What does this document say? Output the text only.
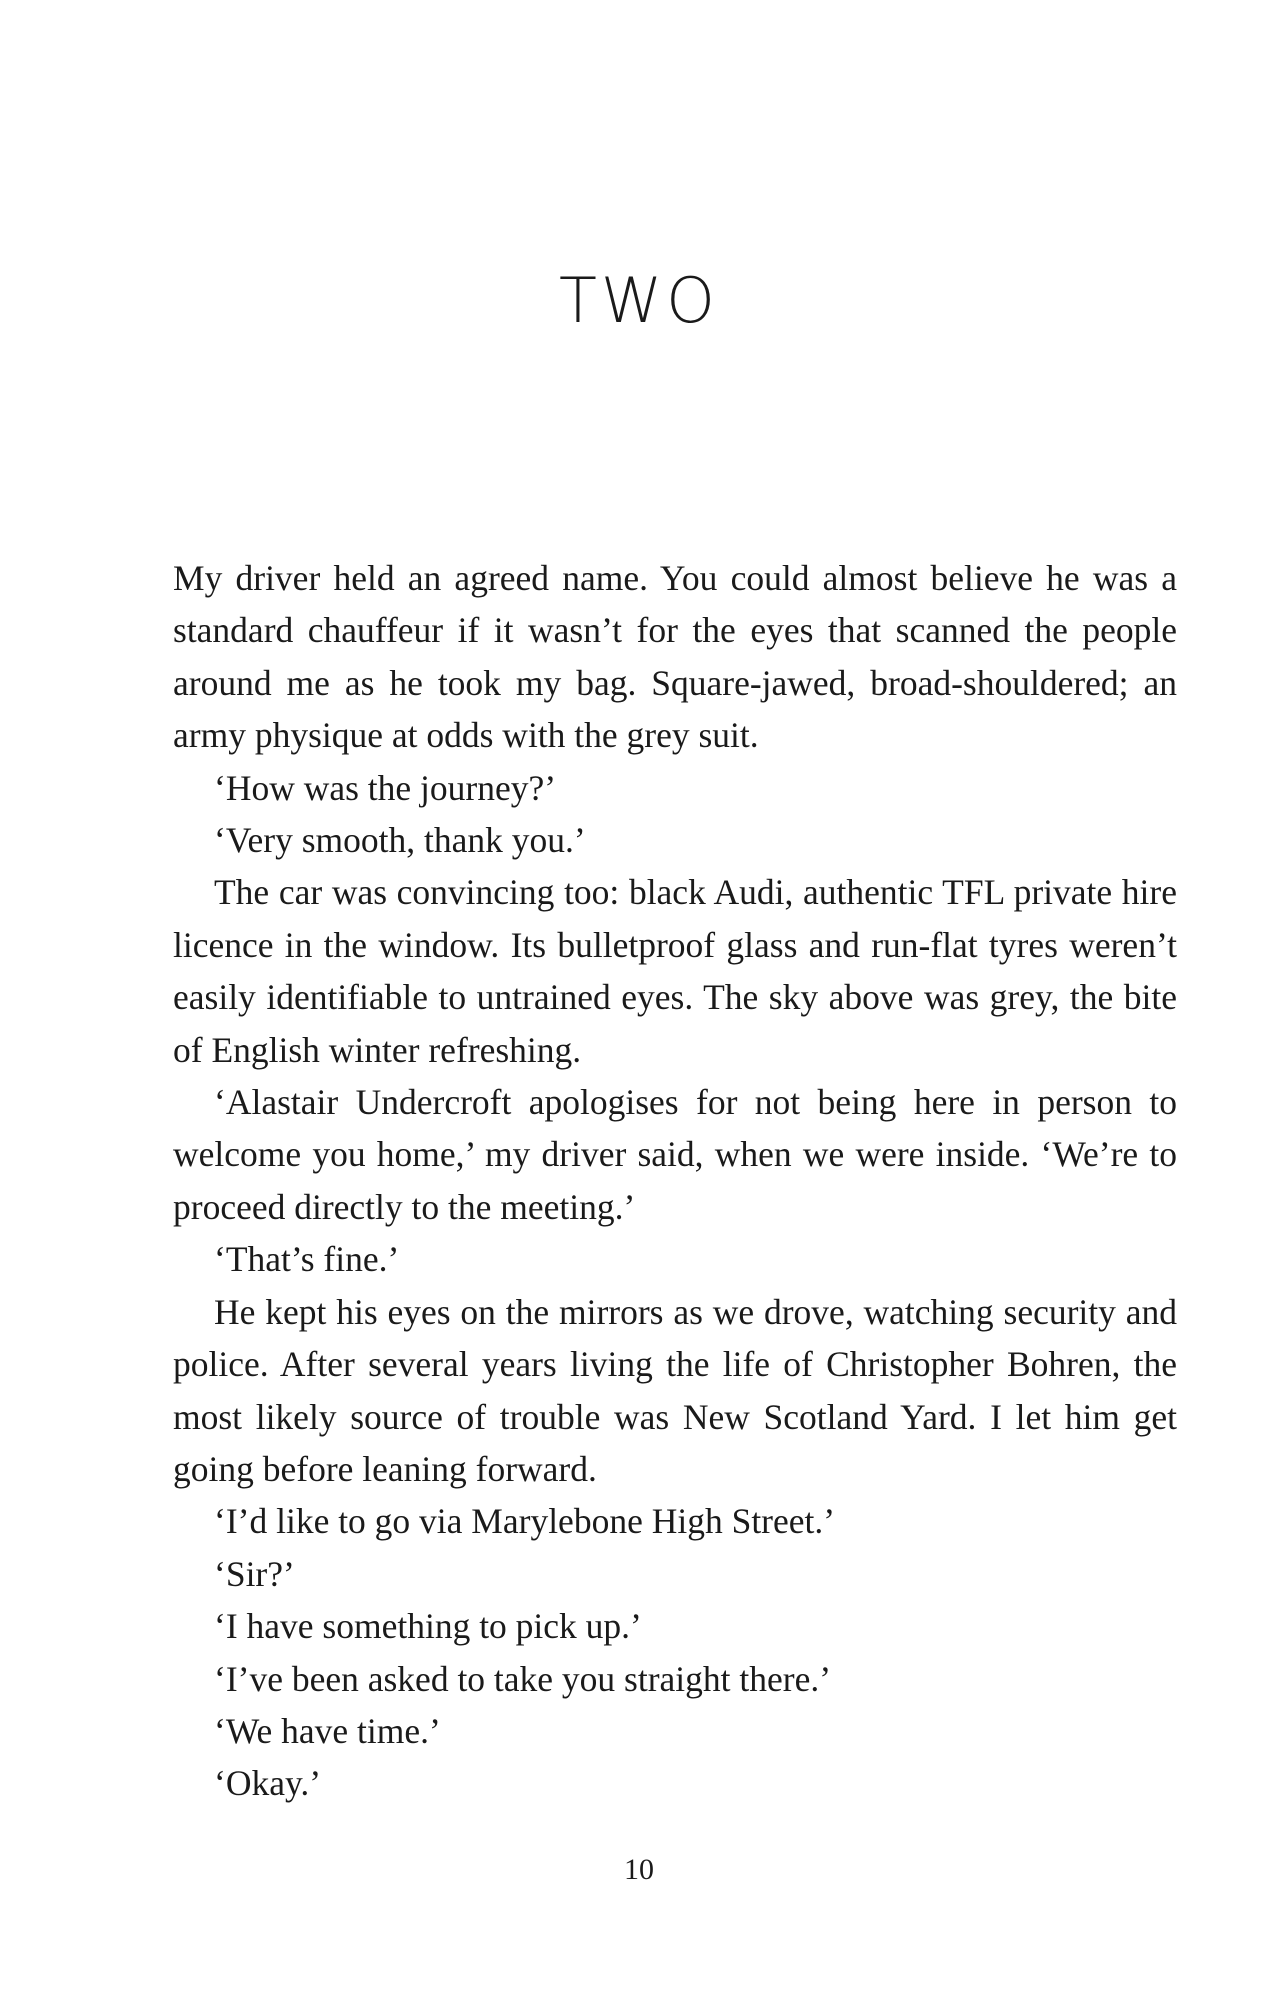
TWO

My driver held an agreed name. You could almost believe he was a standard chauffeur if it wasn’t for the eyes that scanned the people around me as he took my bag. Square-jawed, broad-shouldered; an army physique at odds with the grey suit.

‘How was the journey?’

‘Very smooth, thank you.’

The car was convincing too: black Audi, authentic TFL private hire licence in the window. Its bulletproof glass and run-flat tyres weren’t easily identifiable to untrained eyes. The sky above was grey, the bite of English winter refreshing.

‘Alastair Undercroft apologises for not being here in person to welcome you home,’ my driver said, when we were inside. ‘We’re to proceed directly to the meeting.’

‘That’s fine.’

He kept his eyes on the mirrors as we drove, watching security and police. After several years living the life of Christopher Bohren, the most likely source of trouble was New Scotland Yard. I let him get going before leaning forward.

‘I’d like to go via Marylebone High Street.’

‘Sir?’

‘I have something to pick up.’

‘I’ve been asked to take you straight there.’

‘We have time.’

‘Okay.’

10
